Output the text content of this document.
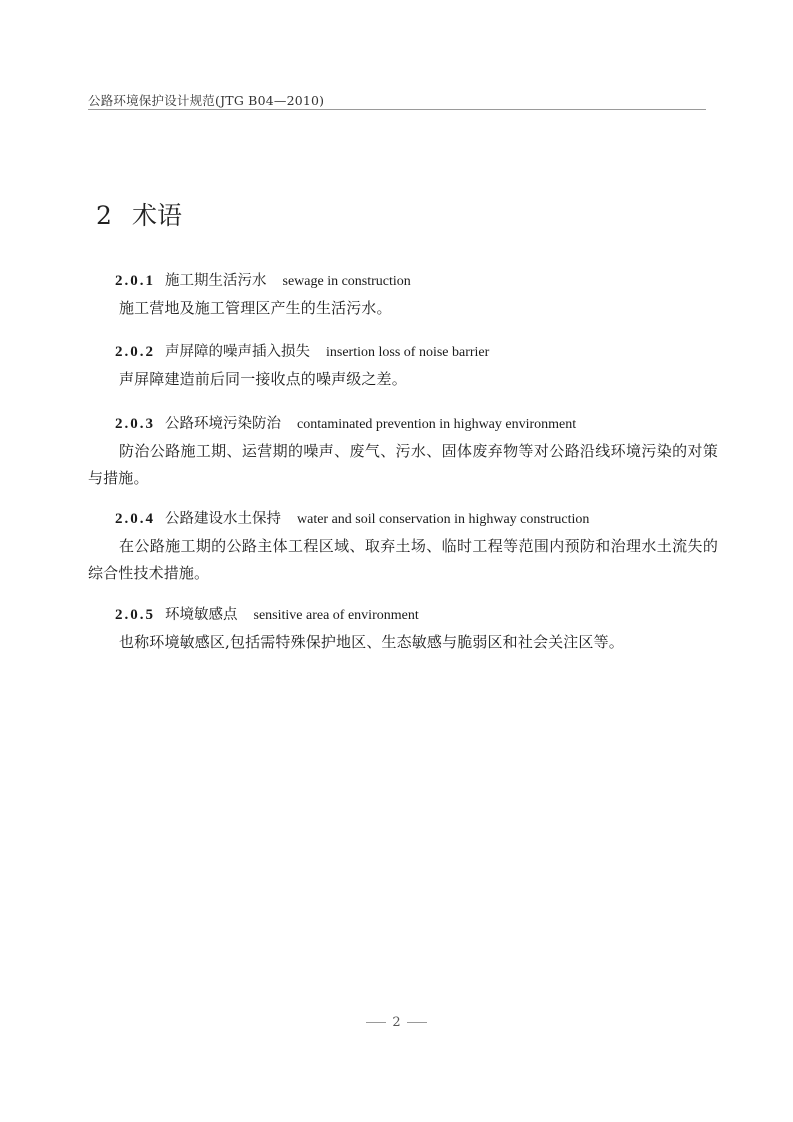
公路环境保护设计规范(JTG B04—2010)
2 术语
2.0.1 施工期生活污水 sewage in construction
施工营地及施工管理区产生的生活污水。
2.0.2 声屏障的噪声插入损失 insertion loss of noise barrier
声屏障建造前后同一接收点的噪声级之差。
2.0.3 公路环境污染防治 contaminated prevention in highway environment
防治公路施工期、运营期的噪声、废气、污水、固体废弃物等对公路沿线环境污染的对策与措施。
2.0.4 公路建设水土保持 water and soil conservation in highway construction
在公路施工期的公路主体工程区域、取弃土场、临时工程等范围内预防和治理水土流失的综合性技术措施。
2.0.5 环境敏感点 sensitive area of environment
也称环境敏感区,包括需特殊保护地区、生态敏感与脆弱区和社会关注区等。
2
